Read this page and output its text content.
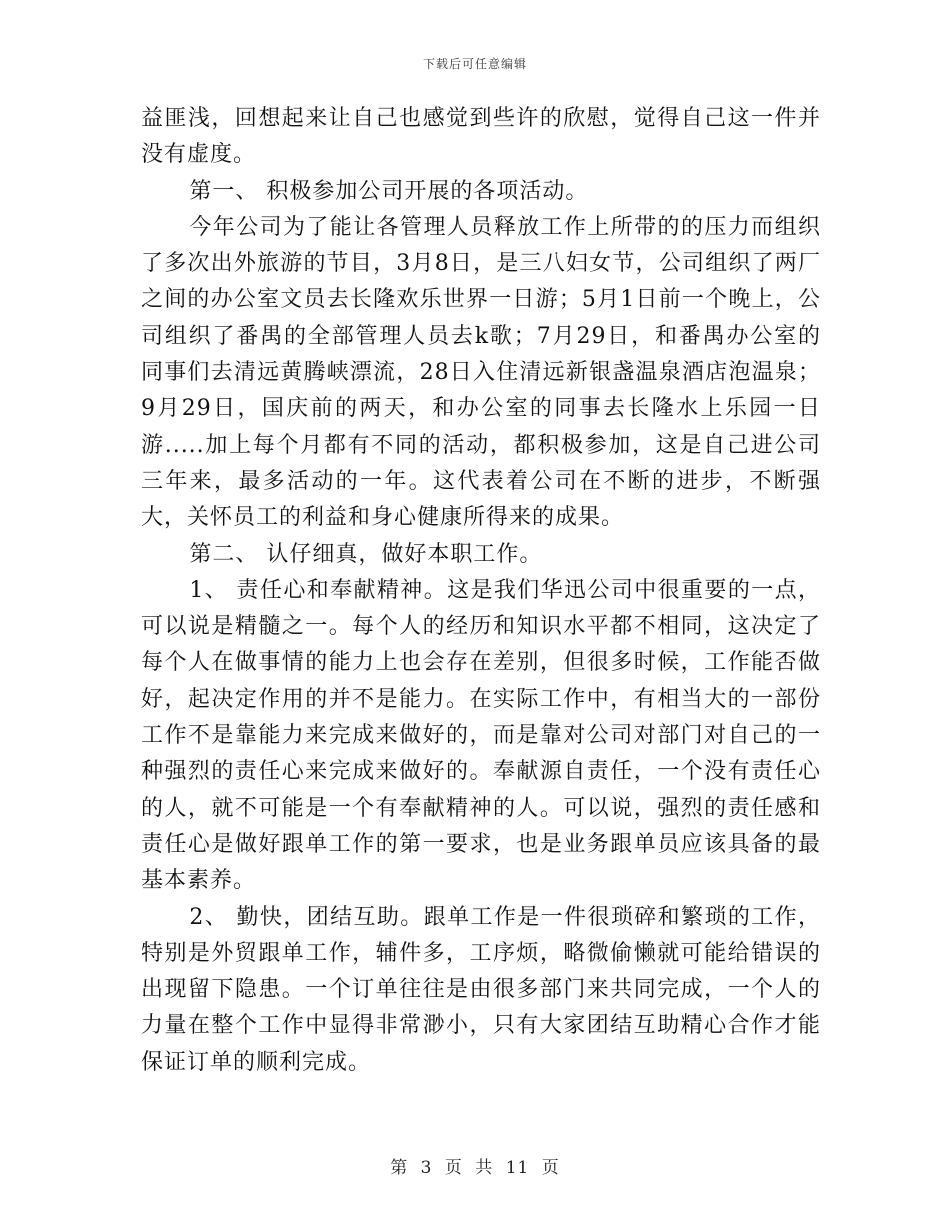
下载后可任意编辑

益匪浅，回想起来让自己也感觉到些许的欣慰，觉得自己这一件并没有虚度。

第一、 积极参加公司开展的各项活动。

今年公司为了能让各管理人员释放工作上所带的的压力而组织了多次出外旅游的节目，3月8日，是三八妇女节，公司组织了两厂之间的办公室文员去长隆欢乐世界一日游；5月1日前一个晚上，公司组织了番禺的全部管理人员去k歌；7月29日，和番禺办公室的同事们去清远黄腾峡漂流，28日入住清远新银盏温泉酒店泡温泉；9月29日，国庆前的两天，和办公室的同事去长隆水上乐园一日游.....加上每个月都有不同的活动，都积极参加，这是自己进公司三年来，最多活动的一年。这代表着公司在不断的进步，不断强大，关怀员工的利益和身心健康所得来的成果。

第二、 认仔细真，做好本职工作。

1、 责任心和奉献精神。这是我们华迅公司中很重要的一点，可以说是精髓之一。每个人的经历和知识水平都不相同，这决定了每个人在做事情的能力上也会存在差别，但很多时候，工作能否做好，起决定作用的并不是能力。在实际工作中，有相当大的一部份工作不是靠能力来完成来做好的，而是靠对公司对部门对自己的一种强烈的责任心来完成来做好的。奉献源自责任，一个没有责任心的人，就不可能是一个有奉献精神的人。可以说，强烈的责任感和责任心是做好跟单工作的第一要求，也是业务跟单员应该具备的最基本素养。

2、 勤快，团结互助。跟单工作是一件很琐碎和繁琐的工作，特别是外贸跟单工作，辅件多，工序烦，略微偷懒就可能给错误的出现留下隐患。一个订单往往是由很多部门来共同完成，一个人的力量在整个工作中显得非常渺小，只有大家团结互助精心合作才能保证订单的顺利完成。

第 3 页 共 11 页
